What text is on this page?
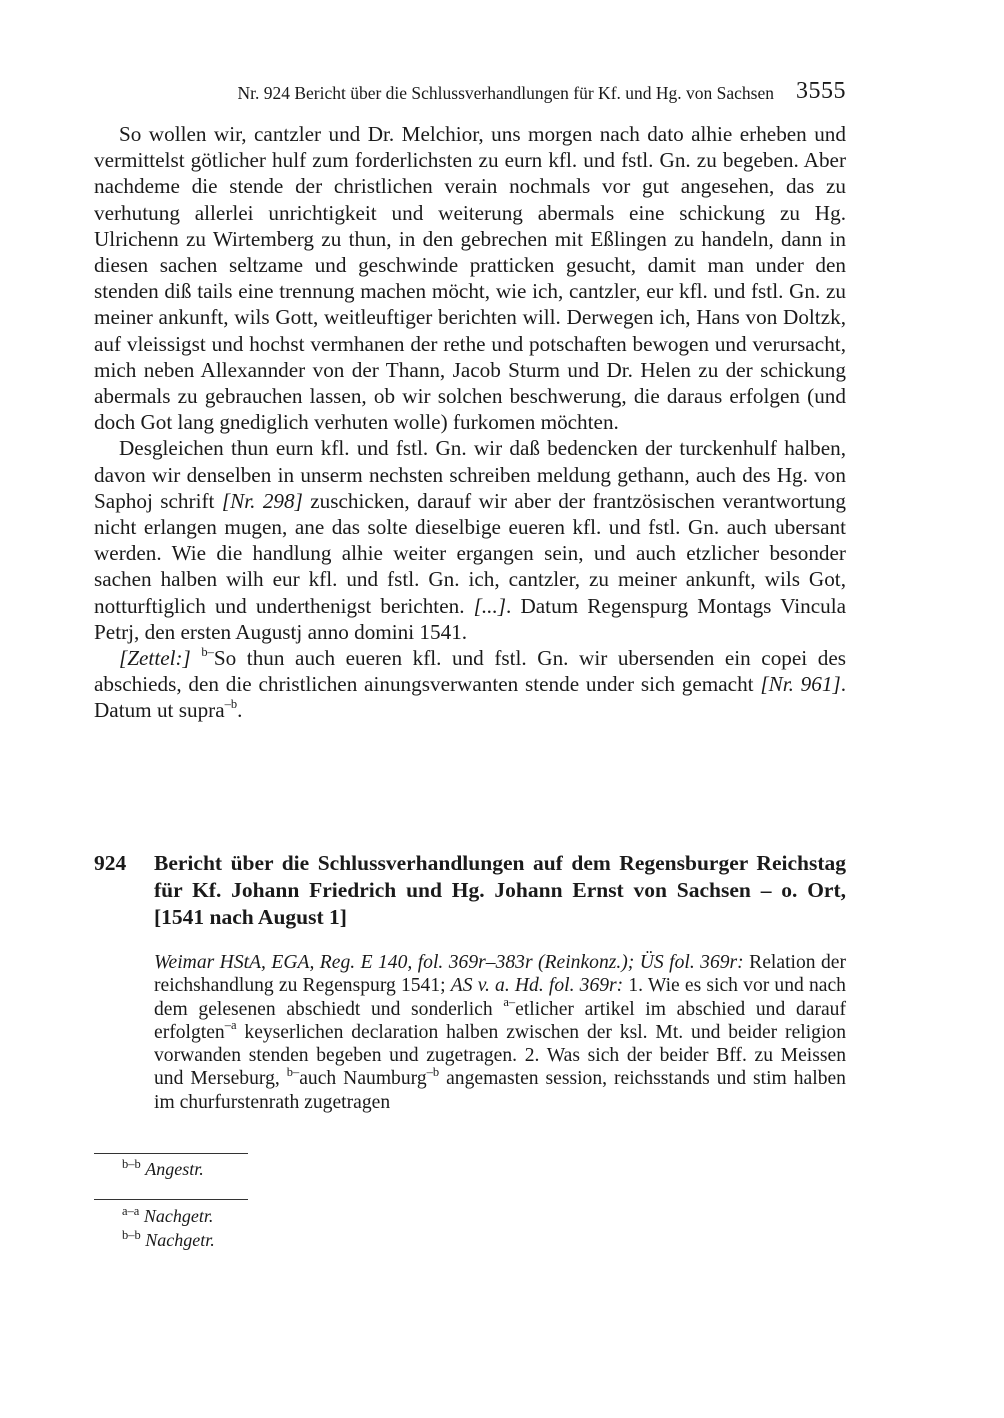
Nr. 924 Bericht über die Schlussverhandlungen für Kf. und Hg. von Sachsen 3555

So wollen wir, cantzler und Dr. Melchior, uns morgen nach dato alhie erheben und vermittelst götlicher hulf zum forderlichsten zu eurn kfl. und fstl. Gn. zu begeben. Aber nachdeme die stende der christlichen verain nochmals vor gut angesehen, das zu verhutung allerlei unrichtigkeit und weiterung abermals eine schickung zu Hg. Ulrichenn zu Wirtemberg zu thun, in den gebrechen mit Eßlingen zu handeln, dann in diesen sachen seltzame und geschwinde pratticken gesucht, damit man under den stenden diß tails eine trennung machen möcht, wie ich, cantzler, eur kfl. und fstl. Gn. zu meiner ankunft, wils Gott, weitleuftiger berichten will. Derwegen ich, Hans von Doltzk, auf vleissigst und hochst vermhanen der rethe und potschaften bewogen und verursacht, mich neben Allexannder von der Thann, Jacob Sturm und Dr. Helen zu der schickung abermals zu gebrauchen lassen, ob wir solchen beschwerung, die daraus erfolgen (und doch Got lang gnediglich verhuten wolle) furkomen möchten.

Desgleichen thun eurn kfl. und fstl. Gn. wir daß bedencken der turckenhulf halben, davon wir denselben in unserm nechsten schreiben meldung gethann, auch des Hg. von Saphoj schrift [Nr. 298] zuschicken, darauf wir aber der frantzösischen verantwortung nicht erlangen mugen, ane das solte dieselbige eueren kfl. und fstl. Gn. auch ubersant werden. Wie die handlung alhie weiter ergangen sein, und auch etzlicher besonder sachen halben wilh eur kfl. und fstl. Gn. ich, cantzler, zu meiner ankunft, wils Got, notturftiglich und underthenigst berichten. [...]. Datum Regenspurg Montags Vincula Petrj, den ersten Augustj anno domini 1541.

[Zettel:] $^{b-}$So thun auch eueren kfl. und fstl. Gn. wir ubersenden ein copei des abschieds, den die christlichen ainungsverwanten stende under sich gemacht [Nr. 961]. Datum ut supra$^{-b}$.

924 Bericht über die Schlussverhandlungen auf dem Regensburger Reichstag für Kf. Johann Friedrich und Hg. Johann Ernst von Sachsen – o. Ort, [1541 nach August 1]
Weimar HStA, EGA, Reg. E 140, fol. 369r–383r (Reinkonz.); ÜS fol. 369r: Relation der reichshandlung zu Regenspurg 1541; AS v. a. Hd. fol. 369r: 1. Wie es sich vor und nach dem gelesenen abschiedt und sonderlich $^{a-}$etlicher artikel im abschied und darauf erfolgten$^{-a}$ keyserlichen declaration halben zwischen der ksl. Mt. und beider religion vorwanden stenden begeben und zugetragen. 2. Was sich der beider Bff. zu Meissen und Merseburg, $^{b-}$auch Naumburg$^{-b}$ angemasten session, reichsstands und stim halben im churfurstenrath zugetragen
$^{b-b}$ Angestr.
$^{a-a}$ Nachgetr.
$^{b-b}$ Nachgetr.
